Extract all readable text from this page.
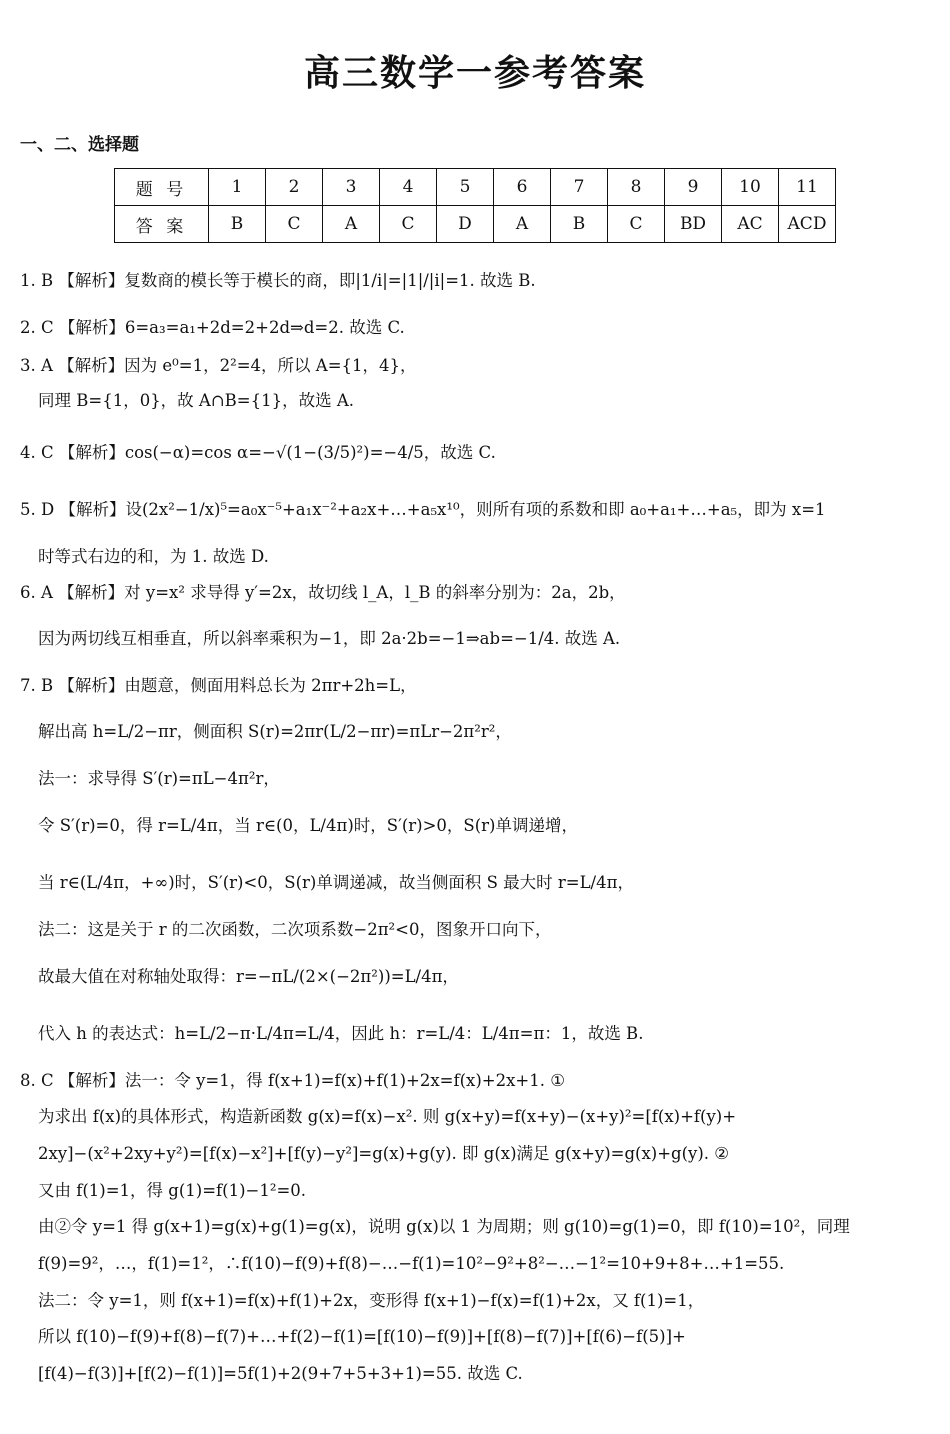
高三数学一参考答案
一、二、选择题
题 号	1	2	3	4	5	6	7	8	9	10	11
答 案	B	C	A	C	D	A	B	C	BD	AC	ACD
1. B 【解析】复数商的模长等于模长的商，即|1/i|=|1|/|i|=1. 故选 B.
2. C 【解析】6=a₃=a₁+2d=2+2d⇒d=2. 故选 C.
3. A 【解析】因为 e⁰=1，2²=4，所以 A={1，4}，
同理 B={1，0}，故 A∩B={1}，故选 A.
4. C 【解析】cos(−α)=cos α=−√(1−(3/5)²)=−4/5，故选 C.
5. D 【解析】设(2x²−1/x)⁵=a₀x⁻⁵+a₁x⁻²+a₂x+…+a₅x¹⁰，则所有项的系数和即 a₀+a₁+…+a₅，即为 x=1
时等式右边的和，为 1. 故选 D.
6. A 【解析】对 y=x² 求导得 y′=2x，故切线 l_A，l_B 的斜率分别为：2a，2b，
因为两切线互相垂直，所以斜率乘积为−1，即 2a·2b=−1⇒ab=−1/4. 故选 A.
7. B 【解析】由题意，侧面用料总长为 2πr+2h=L，
解出高 h=L/2−πr，侧面积 S(r)=2πr(L/2−πr)=πLr−2π²r²，
法一：求导得 S′(r)=πL−4π²r，
令 S′(r)=0，得 r=L/4π，当 r∈(0，L/4π)时，S′(r)>0，S(r)单调递增，
当 r∈(L/4π，+∞)时，S′(r)<0，S(r)单调递减，故当侧面积 S 最大时 r=L/4π，
法二：这是关于 r 的二次函数，二次项系数−2π²<0，图象开口向下，
故最大值在对称轴处取得：r=−πL/(2×(−2π²))=L/4π，
代入 h 的表达式：h=L/2−π·L/4π=L/4，因此 h：r=L/4：L/4π=π：1，故选 B.
8. C 【解析】法一：令 y=1，得 f(x+1)=f(x)+f(1)+2x=f(x)+2x+1. ①
为求出 f(x)的具体形式，构造新函数 g(x)=f(x)−x². 则 g(x+y)=f(x+y)−(x+y)²=[f(x)+f(y)+
2xy]−(x²+2xy+y²)=[f(x)−x²]+[f(y)−y²]=g(x)+g(y). 即 g(x)满足 g(x+y)=g(x)+g(y). ②
又由 f(1)=1，得 g(1)=f(1)−1²=0.
由②令 y=1 得 g(x+1)=g(x)+g(1)=g(x)，说明 g(x)以 1 为周期；则 g(10)=g(1)=0，即 f(10)=10²，同理
f(9)=9²，…，f(1)=1²，∴f(10)−f(9)+f(8)−…−f(1)=10²−9²+8²−…−1²=10+9+8+…+1=55.
法二：令 y=1，则 f(x+1)=f(x)+f(1)+2x，变形得 f(x+1)−f(x)=f(1)+2x，又 f(1)=1，
所以 f(10)−f(9)+f(8)−f(7)+…+f(2)−f(1)=[f(10)−f(9)]+[f(8)−f(7)]+[f(6)−f(5)]+
[f(4)−f(3)]+[f(2)−f(1)]=5f(1)+2(9+7+5+3+1)=55. 故选 C.
